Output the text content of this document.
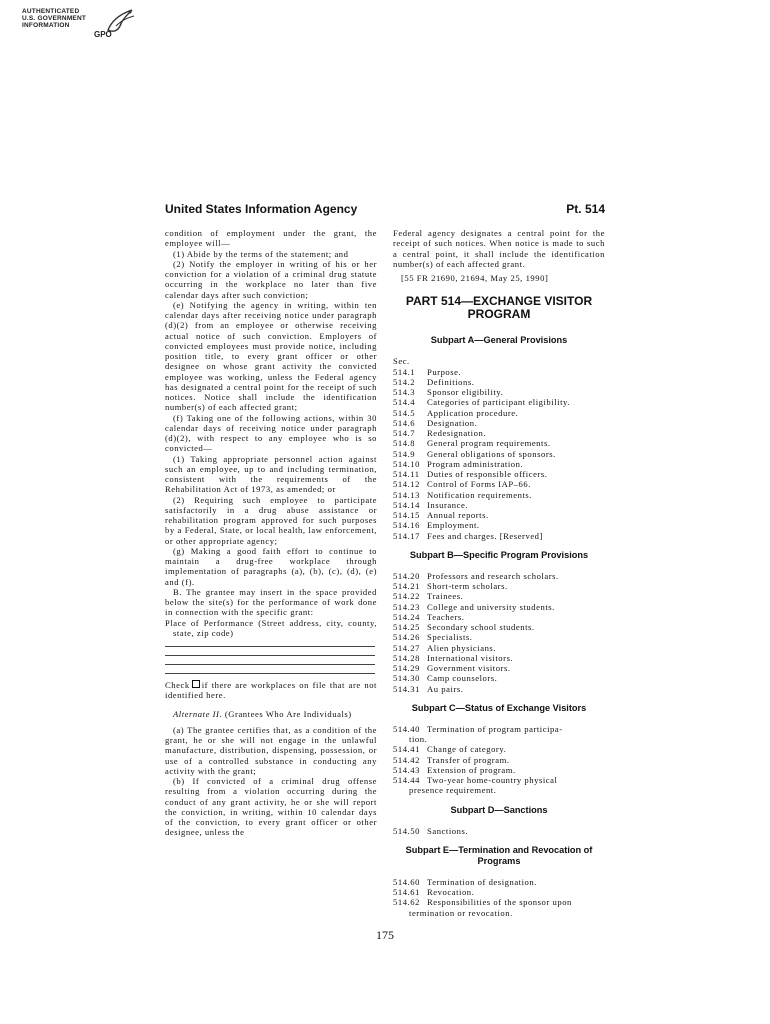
AUTHENTICATED
U.S. GOVERNMENT
INFORMATION
GPO
United States Information Agency	Pt. 514

condition of employment under the grant, the employee will—

(1) Abide by the terms of the statement; and

(2) Notify the employer in writing of his or her conviction for a violation of a criminal drug statute occurring in the workplace no later than five calendar days after such conviction;

(e) Notifying the agency in writing, within ten calendar days after receiving notice under paragraph (d)(2) from an employee or otherwise receiving actual notice of such conviction. Employers of convicted employees must provide notice, including position title, to every grant officer or other designee on whose grant activity the convicted employee was working, unless the Federal agency has designated a central point for the receipt of such notices. Notice shall include the identification number(s) of each affected grant;

(f) Taking one of the following actions, within 30 calendar days of receiving notice under paragraph (d)(2), with respect to any employee who is so convicted—

(1) Taking appropriate personnel action against such an employee, up to and including termination, consistent with the requirements of the Rehabilitation Act of 1973, as amended; or

(2) Requiring such employee to participate satisfactorily in a drug abuse assistance or rehabilitation program approved for such purposes by a Federal, State, or local health, law enforcement, or other appropriate agency;

(g) Making a good faith effort to continue to maintain a drug-free workplace through implementation of paragraphs (a), (b), (c), (d), (e) and (f).

B. The grantee may insert in the space provided below the site(s) for the performance of work done in connection with the specific grant:

Place of Performance (Street address, city, county, state, zip code)

Check if there are workplaces on file that are not identified here.

Alternate II. (Grantees Who Are Individuals)

(a) The grantee certifies that, as a condition of the grant, he or she will not engage in the unlawful manufacture, distribution, dispensing, possession, or use of a controlled substance in conducting any activity with the grant;

(b) If convicted of a criminal drug offense resulting from a violation occurring during the conduct of any grant activity, he or she will report the conviction, in writing, within 10 calendar days of the conviction, to every grant officer or other designee, unless the

Federal agency designates a central point for the receipt of such notices. When notice is made to such a central point, it shall include the identification number(s) of each affected grant.

[55 FR 21690, 21694, May 25, 1990]

PART 514—EXCHANGE VISITOR
PROGRAM
Subpart A—General Provisions

Sec.

514.1	Purpose.
514.2	Definitions.
514.3	Sponsor eligibility.
514.4	Categories of participant eligibility.
514.5	Application procedure.
514.6	Designation.
514.7	Redesignation.
514.8	General program requirements.
514.9	General obligations of sponsors.
514.10 Program administration.
514.11 Duties of responsible officers.
514.12 Control of Forms IAP–66.
514.13 Notification requirements.
514.14 Insurance.
514.15 Annual reports.
514.16 Employment.
514.17 Fees and charges. [Reserved]
Subpart B—Specific Program Provisions
514.20 Professors and research scholars.
514.21 Short-term scholars.
514.22 Trainees.
514.23 College and university students.
514.24 Teachers.
514.25 Secondary school students.
514.26 Specialists.
514.27 Alien physicians.
514.28 International visitors.
514.29 Government visitors.
514.30 Camp counselors.
514.31 Au pairs.
Subpart C—Status of Exchange Visitors
514.40 Termination of program participa-
tion.
514.41 Change of category.
514.42 Transfer of program.
514.43 Extension of program.
514.44 Two-year home-country physical
presence requirement.
Subpart D—Sanctions
514.50 Sanctions.
Subpart E—Termination and Revocation of
Programs
514.60 Termination of designation.
514.61 Revocation.
514.62 Responsibilities of the sponsor upon
termination or revocation.
175
